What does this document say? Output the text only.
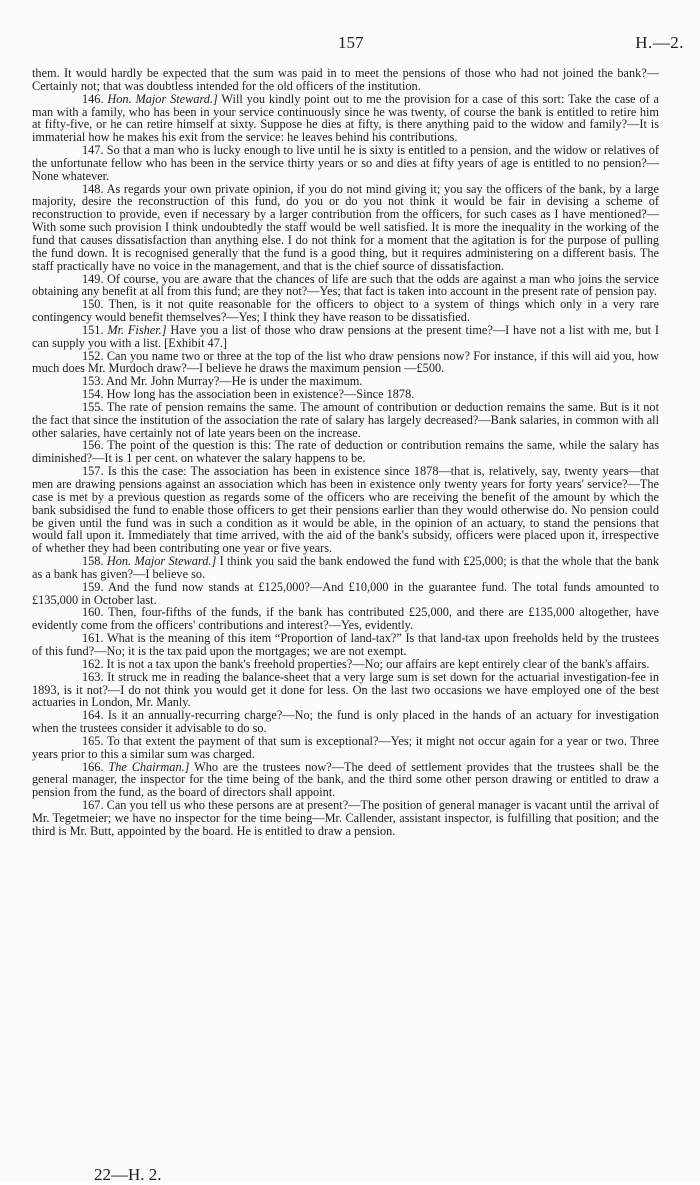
157	H.—2.

them. It would hardly be expected that the sum was paid in to meet the pensions of those who had not joined the bank?—Certainly not; that was doubtless intended for the old officers of the institution.

146. Hon. Major Steward.] Will you kindly point out to me the provision for a case of this sort: Take the case of a man with a family, who has been in your service continuously since he was twenty, of course the bank is entitled to retire him at fifty-five, or he can retire himself at sixty. Suppose he dies at fifty, is there anything paid to the widow and family?—It is immaterial how he makes his exit from the service: he leaves behind his contributions.

147. So that a man who is lucky enough to live until he is sixty is entitled to a pension, and the widow or relatives of the unfortunate fellow who has been in the service thirty years or so and dies at fifty years of age is entitled to no pension?—None whatever.

148. As regards your own private opinion, if you do not mind giving it; you say the officers of the bank, by a large majority, desire the reconstruction of this fund, do you or do you not think it would be fair in devising a scheme of reconstruction to provide, even if necessary by a larger contribution from the officers, for such cases as I have mentioned?—With some such provision I think undoubtedly the staff would be well satisfied. It is more the inequality in the working of the fund that causes dissatisfaction than anything else. I do not think for a moment that the agitation is for the purpose of pulling the fund down. It is recognised generally that the fund is a good thing, but it requires administering on a different basis. The staff practically have no voice in the management, and that is the chief source of dissatisfaction.

149. Of course, you are aware that the chances of life are such that the odds are against a man who joins the service obtaining any benefit at all from this fund; are they not?—Yes; that fact is taken into account in the present rate of pension pay.

150. Then, is it not quite reasonable for the officers to object to a system of things which only in a very rare contingency would benefit themselves?—Yes; I think they have reason to be dissatisfied.

151. Mr. Fisher.] Have you a list of those who draw pensions at the present time?—I have not a list with me, but I can supply you with a list. [Exhibit 47.]

152. Can you name two or three at the top of the list who draw pensions now? For instance, if this will aid you, how much does Mr. Murdoch draw?—I believe he draws the maximum pension —£500.

153. And Mr. John Murray?—He is under the maximum.

154. How long has the association been in existence?—Since 1878.

155. The rate of pension remains the same. The amount of contribution or deduction remains the same. But is it not the fact that since the institution of the association the rate of salary has largely decreased?—Bank salaries, in common with all other salaries, have certainly not of late years been on the increase.

156. The point of the question is this: The rate of deduction or contribution remains the same, while the salary has diminished?—It is 1 per cent. on whatever the salary happens to be.

157. Is this the case: The association has been in existence since 1878—that is, relatively, say, twenty years—that men are drawing pensions against an association which has been in existence only twenty years for forty years' service?—The case is met by a previous question as regards some of the officers who are receiving the benefit of the amount by which the bank subsidised the fund to enable those officers to get their pensions earlier than they would otherwise do. No pension could be given until the fund was in such a condition as it would be able, in the opinion of an actuary, to stand the pensions that would fall upon it. Immediately that time arrived, with the aid of the bank's subsidy, officers were placed upon it, irrespective of whether they had been contributing one year or five years.

158. Hon. Major Steward.] I think you said the bank endowed the fund with £25,000; is that the whole that the bank as a bank has given?—I believe so.

159. And the fund now stands at £125,000?—And £10,000 in the guarantee fund. The total funds amounted to £135,000 in October last.

160. Then, four-fifths of the funds, if the bank has contributed £25,000, and there are £135,000 altogether, have evidently come from the officers' contributions and interest?—Yes, evidently.

161. What is the meaning of this item “Proportion of land-tax?” Is that land-tax upon freeholds held by the trustees of this fund?—No; it is the tax paid upon the mortgages; we are not exempt.

162. It is not a tax upon the bank's freehold properties?—No; our affairs are kept entirely clear of the bank's affairs.

163. It struck me in reading the balance-sheet that a very large sum is set down for the actuarial investigation-fee in 1893, is it not?—I do not think you would get it done for less. On the last two occasions we have employed one of the best actuaries in London, Mr. Manly.

164. Is it an annually-recurring charge?—No; the fund is only placed in the hands of an actuary for investigation when the trustees consider it advisable to do so.

165. To that extent the payment of that sum is exceptional?—Yes; it might not occur again for a year or two. Three years prior to this a similar sum was charged.

166. The Chairman.] Who are the trustees now?—The deed of settlement provides that the trustees shall be the general manager, the inspector for the time being of the bank, and the third some other person drawing or entitled to draw a pension from the fund, as the board of directors shall appoint.

167. Can you tell us who these persons are at present?—The position of general manager is vacant until the arrival of Mr. Tegetmeier; we have no inspector for the time being—Mr. Callender, assistant inspector, is fulfilling that position; and the third is Mr. Butt, appointed by the board. He is entitled to draw a pension.

22—H. 2.
